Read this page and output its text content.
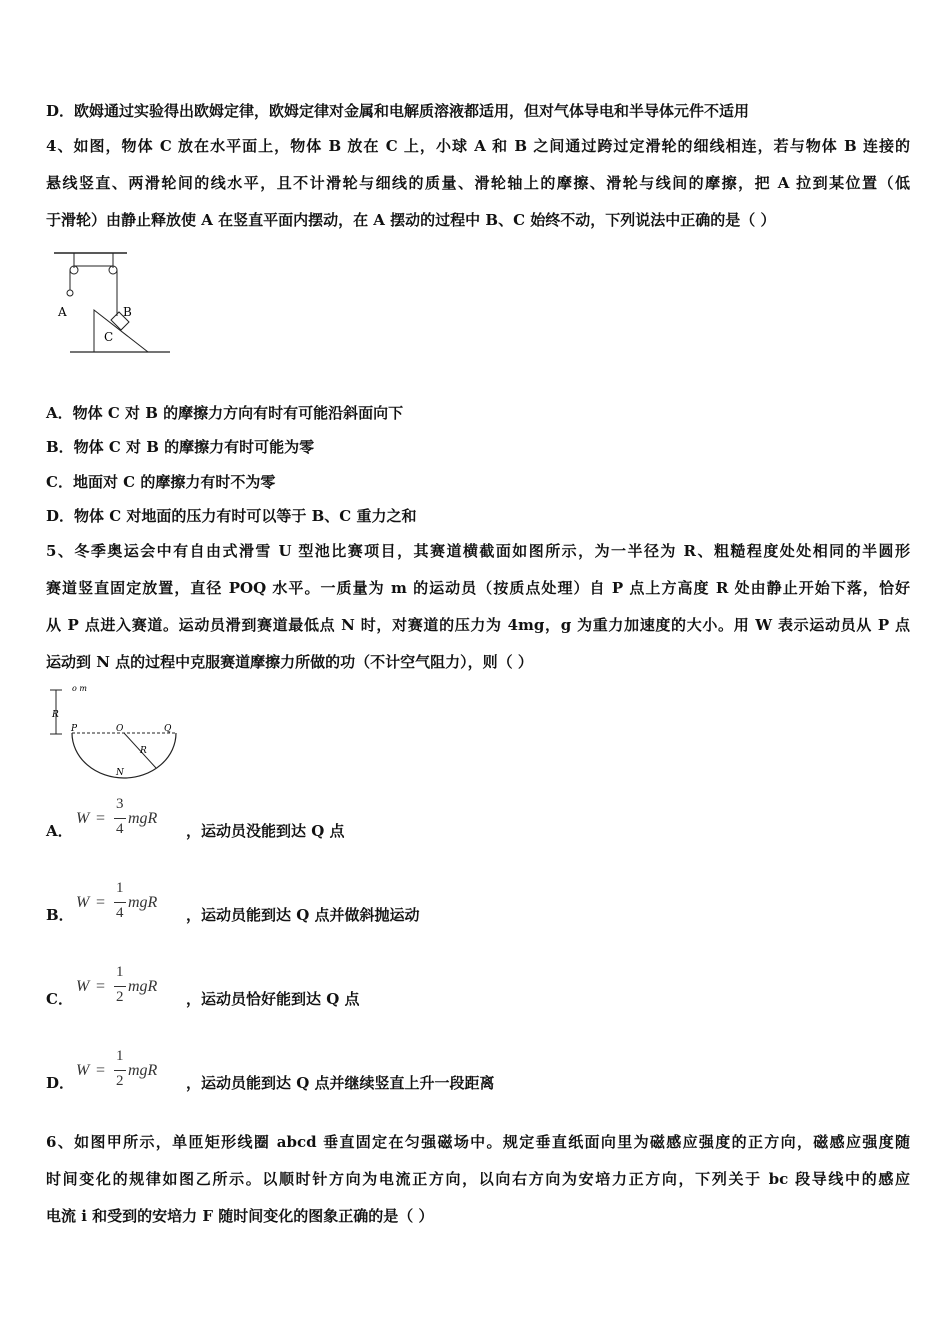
D．欧姆通过实验得出欧姆定律，欧姆定律对金属和电解质溶液都适用，但对气体导电和半导体元件不适用
4、如图，物体 C 放在水平面上，物体 B 放在 C 上，小球 A 和 B 之间通过跨过定滑轮的细线相连，若与物体 B 连接的
悬线竖直、两滑轮间的线水平，且不计滑轮与细线的质量、滑轮轴上的摩擦、滑轮与线间的摩擦，把 A 拉到某位置（低
于滑轮）由静止释放使 A 在竖直平面内摆动，在 A 摆动的过程中 B、C 始终不动，下列说法中正确的是（ ）
A	B
C
A．物体 C 对 B 的摩擦力方向有时有可能沿斜面向下
B．物体 C 对 B 的摩擦力有时可能为零
C．地面对 C 的摩擦力有时不为零
D．物体 C 对地面的压力有时可以等于 B、C 重力之和
5、冬季奥运会中有自由式滑雪 U 型池比赛项目，其赛道横截面如图所示，为一半径为 R、粗糙程度处处相同的半圆形
赛道竖直固定放置，直径 POQ 水平。一质量为 m 的运动员（按质点处理）自 P 点上方高度 R 处由静止开始下落，恰好
从 P 点进入赛道。运动员滑到赛道最低点 N 时，对赛道的压力为 4mg，g 为重力加速度的大小。用 W 表示运动员从 P 点
运动到 N 点的过程中克服赛道摩擦力所做的功（不计空气阻力），则（ ）
o m
R
P	O	Q
R
N
A．
W =
3
4
mgR
，运动员没能到达 Q 点
B．
W =
1
4
mgR
，运动员能到达 Q 点并做斜抛运动
C．
W =
1
2
mgR
，运动员恰好能到达 Q 点
D．
W =
1
2
mgR
，运动员能到达 Q 点并继续竖直上升一段距离
6、如图甲所示，单匝矩形线圈 abcd 垂直固定在匀强磁场中。规定垂直纸面向里为磁感应强度的正方向，磁感应强度随
时间变化的规律如图乙所示。以顺时针方向为电流正方向，以向右方向为安培力正方向，下列关于 bc 段导线中的感应
电流 i 和受到的安培力 F 随时间变化的图象正确的是（ ）
